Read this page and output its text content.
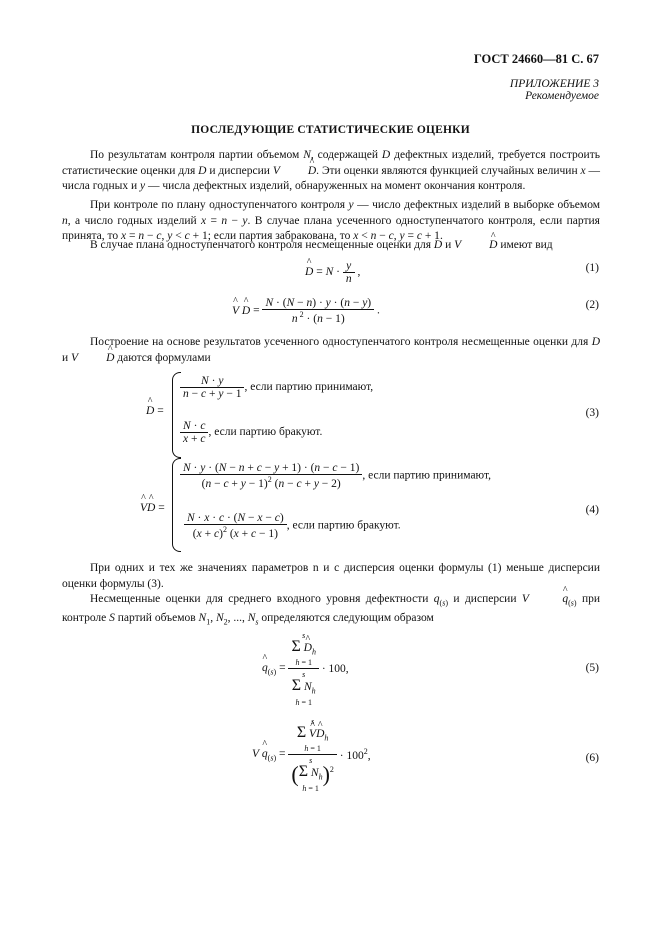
ГОСТ 24660—81 С. 67
ПРИЛОЖЕНИЕ 3
Рекомендуемое
ПОСЛЕДУЮЩИЕ СТАТИСТИЧЕСКИЕ ОЦЕНКИ
По результатам контроля партии объемом N, содержащей D дефектных изделий, требуется построить статистические оценки для D и дисперсии V ^ D. Эти оценки являются функцией случайных величин x — числа годных и y — числа дефектных изделий, обнаруженных на момент окончания контроля.
При контроле по плану одноступенчатого контроля y — число дефектных изделий в выборке объемом n, а число годных изделий x = n − y. В случае плана усеченного одноступенчатого контроля, если партия принята, то x = n − c, y < c + 1; если партия забракована, то x < n − c, y = c + 1.
В случае плана одноступенчатого контроля несмещенные оценки для D и V ^ D имеют вид
^ $D = N \cdot \frac{y}{n}$ ,	(1)
^ V ^ $D = \frac{N \cdot (N - n) \cdot y \cdot (n - y)}{n ^2 \cdot (n - 1)}$ .	(2)
Построение на основе результатов усеченного одноступенчатого контроля несмещенные оценки для D и V ^ D даются формулами
^ D =
$\frac{N \cdot y}{n - c + y - 1}$ , если партию принимают,
$\frac{N \cdot c}{x + c}$ , если партию бракуют.
(3)
^ V^ D =
$\frac{N \cdot y \cdot (N - n + c - y + 1) \cdot (n - c - 1)}{(n - c + y - 1)^2 (n - c + y - 2)}$ , если партию принимают,
$\frac{N \cdot x \cdot c \cdot (N - x - c)}{(x + c)^2 (x + c - 1)}$ , если партию бракуют.
(4)
При одних и тех же значениях параметров n и c дисперсия оценки формулы (1) меньше дисперсии оценки формулы (3).
Несмещенные оценки для среднего входного уровня дефектности $q_{(s)}$ и дисперсии V	^ $q_{(s)}$ при контроле S партий объемов $N_1$, $N_2$, ..., $N_s$ определяются следующим образом
^ $q_{(s)}$ =
s
Σ ^ $D_h$
h = 1
s
Σ $N_h$
h = 1
· 100,	(5)
V ^ $q_{(s)}$ =
s
Σ ^ V^ $D_h$
h = 1
(s
Σ $N_h$
h = 1)$^2$
· $100^2$,	(6)
